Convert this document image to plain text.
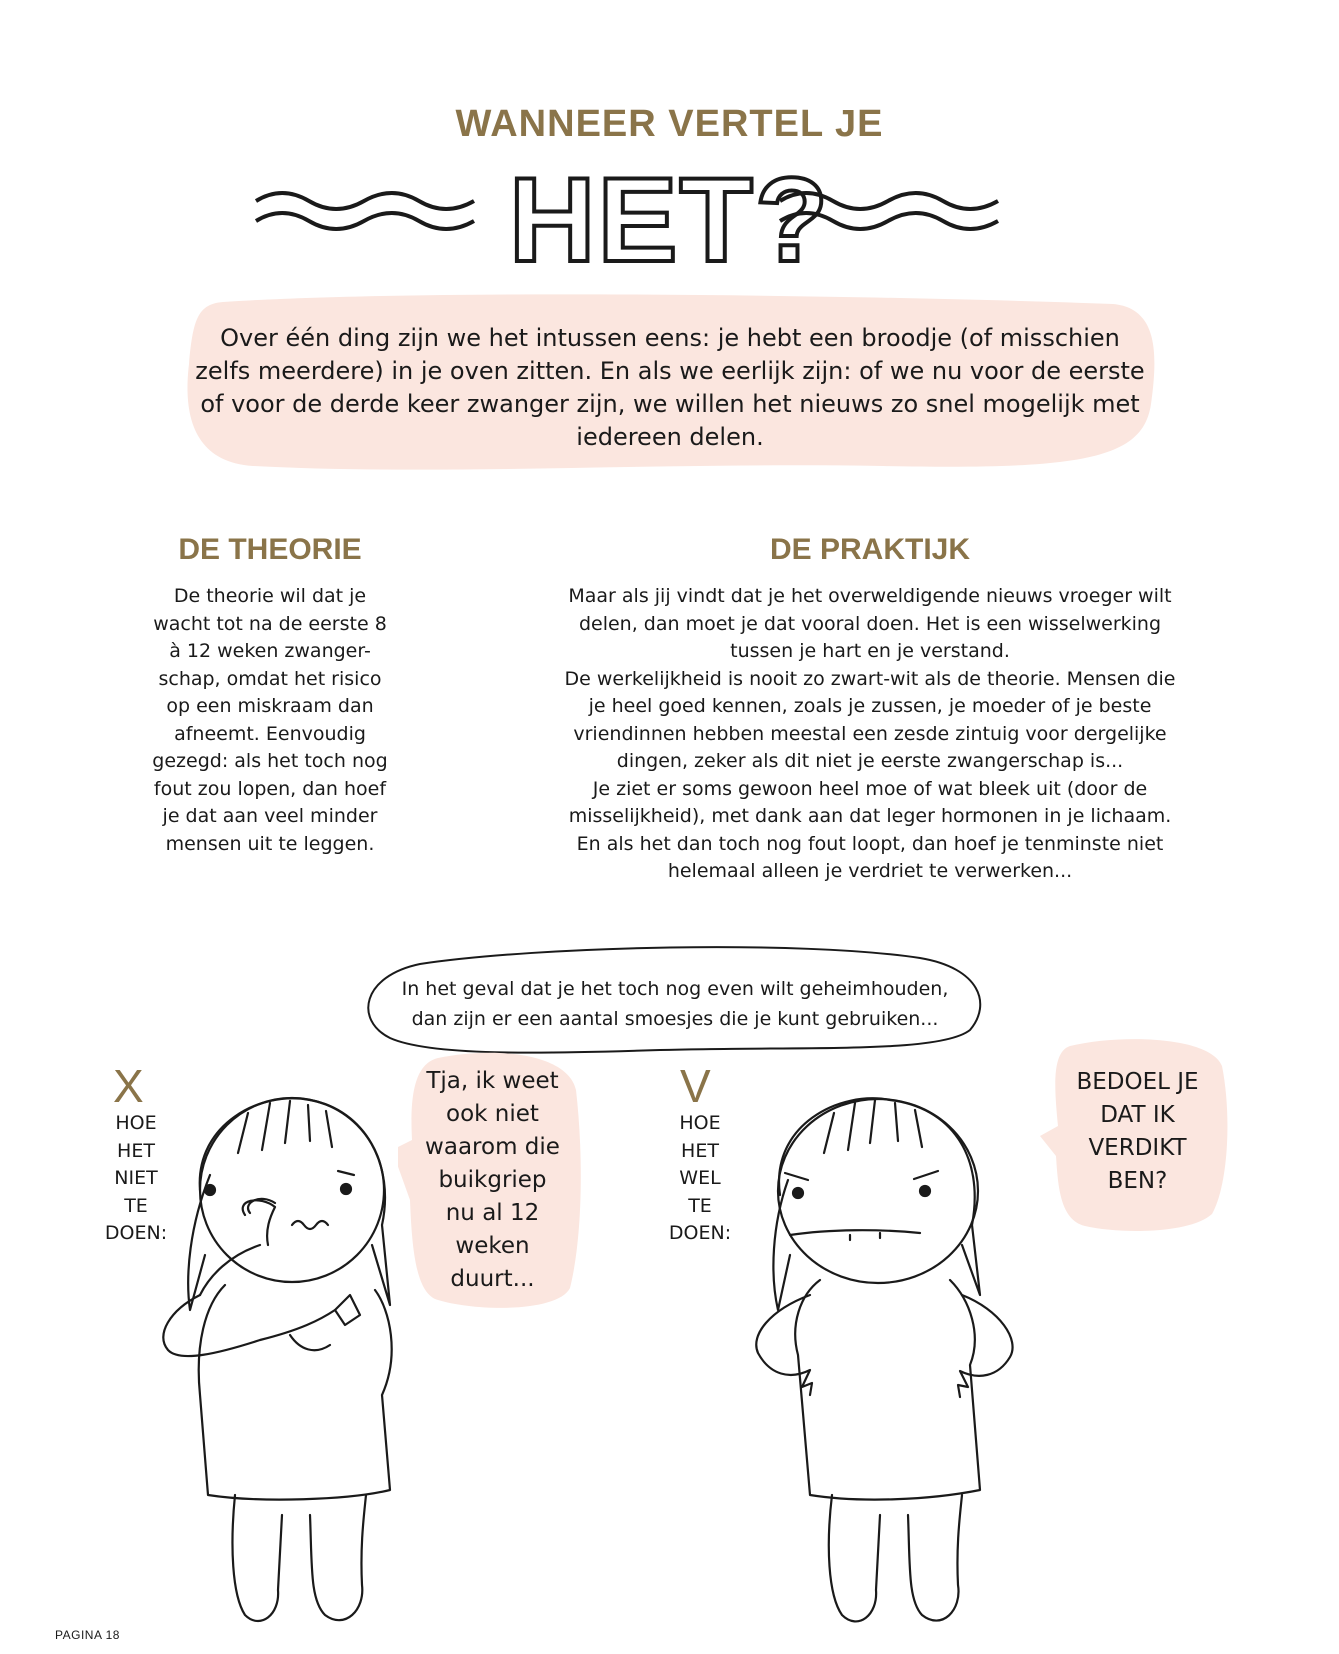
WANNEER VERTEL JE
HET?
Over één ding zijn we het intussen eens: je hebt een broodje (of misschien zelfs meerdere) in je oven zitten. En als we eerlijk zijn: of we nu voor de eerste of voor de derde keer zwanger zijn, we willen het nieuws zo snel mogelijk met iedereen delen.
DE THEORIE
De theorie wil dat je
wacht tot na de eerste 8
à 12 weken zwanger-
schap, omdat het risico
op een miskraam dan
afneemt. Eenvoudig
gezegd: als het toch nog
fout zou lopen, dan hoef
je dat aan veel minder
mensen uit te leggen.
DE PRAKTIJK
Maar als jij vindt dat je het overweldigende nieuws vroeger wilt
delen, dan moet je dat vooral doen. Het is een wisselwerking
tussen je hart en je verstand.
De werkelijkheid is nooit zo zwart-wit als de theorie. Mensen die
je heel goed kennen, zoals je zussen, je moeder of je beste
vriendinnen hebben meestal een zesde zintuig voor dergelijke
dingen, zeker als dit niet je eerste zwangerschap is...
Je ziet er soms gewoon heel moe of wat bleek uit (door de
misselijkheid), met dank aan dat leger hormonen in je lichaam.
En als het dan toch nog fout loopt, dan hoef je tenminste niet
helemaal alleen je verdriet te verwerken...
In het geval dat je het toch nog even wilt geheimhouden,
dan zijn er een aantal smoesjes die je kunt gebruiken...
X
HOE
HET
NIET
TE
DOEN:
Tja, ik weet
ook niet
waarom die
buikgriep
nu al 12
weken
duurt...
V
HOE
HET
WEL
TE
DOEN:
BEDOEL JE
DAT IK
VERDIKT
BEN?
PAGINA 18
